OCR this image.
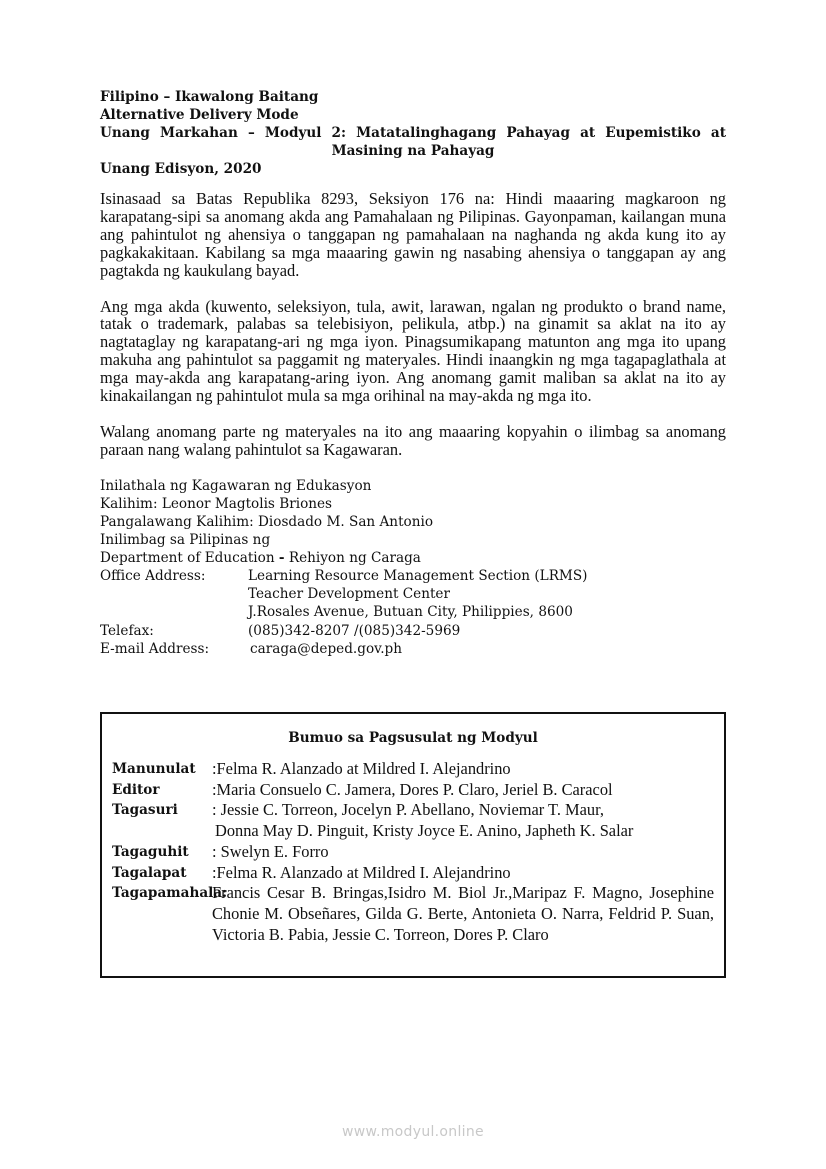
Filipino – Ikawalong Baitang
Alternative Delivery Mode
Unang Markahan – Modyul 2: Matatalinghagang Pahayag at Eupemistiko at
Masining na Pahayag
Unang Edisyon, 2020

Isinasaad sa Batas Republika 8293, Seksiyon 176 na: Hindi maaaring magkaroon ng karapatang-sipi sa anomang akda ang Pamahalaan ng Pilipinas. Gayonpaman, kailangan muna ang pahintulot ng ahensiya o tanggapan ng pamahalaan na naghanda ng akda kung ito ay pagkakakitaan. Kabilang sa mga maaaring gawin ng nasabing ahensiya o tanggapan ay ang pagtakda ng kaukulang bayad.

Ang mga akda (kuwento, seleksiyon, tula, awit, larawan, ngalan ng produkto o brand name, tatak o trademark, palabas sa telebisiyon, pelikula, atbp.) na ginamit sa aklat na ito ay nagtataglay ng karapatang-ari ng mga iyon. Pinagsumikapang matunton ang mga ito upang makuha ang pahintulot sa paggamit ng materyales. Hindi inaangkin ng mga tagapaglathala at mga may-akda ang karapatang-aring iyon. Ang anomang gamit maliban sa aklat na ito ay kinakailangan ng pahintulot mula sa mga orihinal na may-akda ng mga ito.

Walang anomang parte ng materyales na ito ang maaaring kopyahin o ilimbag sa anomang paraan nang walang pahintulot sa Kagawaran.

Inilathala ng Kagawaran ng Edukasyon
Kalihim: Leonor Magtolis Briones
Pangalawang Kalihim: Diosdado M. San Antonio
Inilimbag sa Pilipinas ng
Department of Education - Rehiyon ng Caraga
Office Address:	Learning Resource Management Section (LRMS)
Teacher Development Center
J.Rosales Avenue, Butuan City, Philippies, 8600
Telefax:	(085)342-8207 /(085)342-5969
E-mail Address:	caraga@deped.gov.ph
Bumuo sa Pagsusulat ng Modyul
Manunulat :Felma R. Alanzado at Mildred I. Alejandrino
Editor	:Maria Consuelo C. Jamera, Dores P. Claro, Jeriel B. Caracol
Tagasuri	: Jessie C. Torreon, Jocelyn P. Abellano, Noviemar T. Maur,
Donna May D. Pinguit, Kristy Joyce E. Anino, Japheth K. Salar
Tagaguhit	: Swelyn E. Forro
Tagalapat	:Felma R. Alanzado at Mildred I. Alejandrino
Tagapamahala:
Francis Cesar B. Bringas,Isidro M. Biol Jr.,Maripaz F. Magno, Josephine Chonie M. Obseñares, Gilda G. Berte, Antonieta O. Narra, Feldrid P. Suan, Victoria B. Pabia, Jessie C. Torreon, Dores P. Claro
www.modyul.online
